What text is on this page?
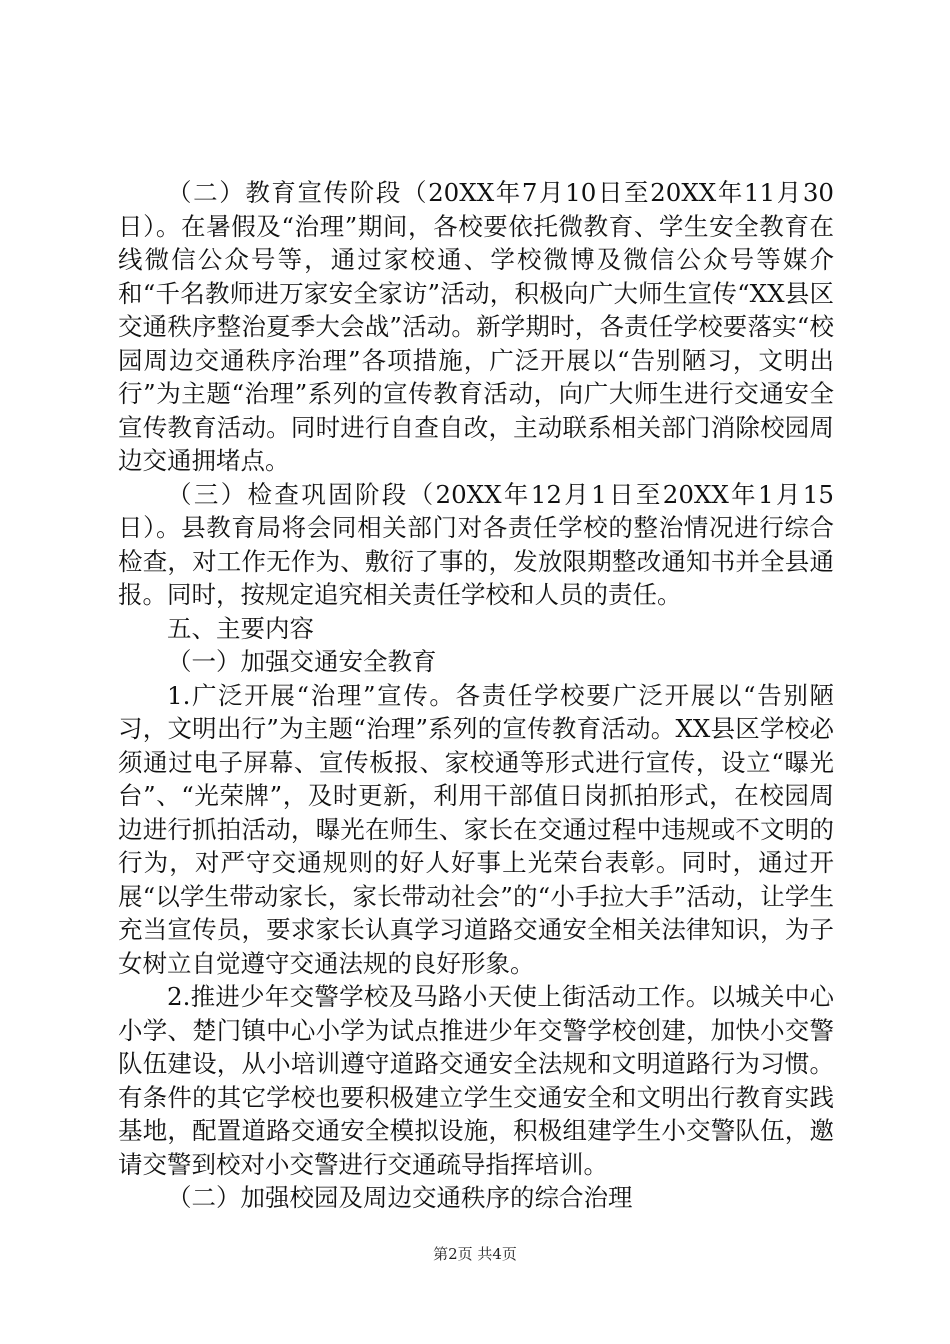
（二）教育宣传阶段（20XX年7月10日至20XX年11月30日）。在暑假及“治理”期间，各校要依托微教育、学生安全教育在线微信公众号等，通过家校通、学校微博及微信公众号等媒介和“千名教师进万家安全家访”活动，积极向广大师生宣传“XX县区交通秩序整治夏季大会战”活动。新学期时，各责任学校要落实“校园周边交通秩序治理”各项措施，广泛开展以“告别陋习，文明出行”为主题“治理”系列的宣传教育活动，向广大师生进行交通安全宣传教育活动。同时进行自查自改，主动联系相关部门消除校园周边交通拥堵点。

（三）检查巩固阶段（20XX年12月1日至20XX年1月15日）。县教育局将会同相关部门对各责任学校的整治情况进行综合检查，对工作无作为、敷衍了事的，发放限期整改通知书并全县通报。同时，按规定追究相关责任学校和人员的责任。

五、主要内容

（一）加强交通安全教育

1.广泛开展“治理”宣传。各责任学校要广泛开展以“告别陋习，文明出行”为主题“治理”系列的宣传教育活动。XX县区学校必须通过电子屏幕、宣传板报、家校通等形式进行宣传，设立“曝光台”、“光荣牌”，及时更新，利用干部值日岗抓拍形式，在校园周边进行抓拍活动，曝光在师生、家长在交通过程中违规或不文明的行为，对严守交通规则的好人好事上光荣台表彰。同时，通过开展“以学生带动家长，家长带动社会”的“小手拉大手”活动，让学生充当宣传员，要求家长认真学习道路交通安全相关法律知识，为子女树立自觉遵守交通法规的良好形象。

2.推进少年交警学校及马路小天使上街活动工作。以城关中心小学、楚门镇中心小学为试点推进少年交警学校创建，加快小交警队伍建设，从小培训遵守道路交通安全法规和文明道路行为习惯。有条件的其它学校也要积极建立学生交通安全和文明出行教育实践基地，配置道路交通安全模拟设施，积极组建学生小交警队伍，邀请交警到校对小交警进行交通疏导指挥培训。

（二）加强校园及周边交通秩序的综合治理

第2页 共4页
